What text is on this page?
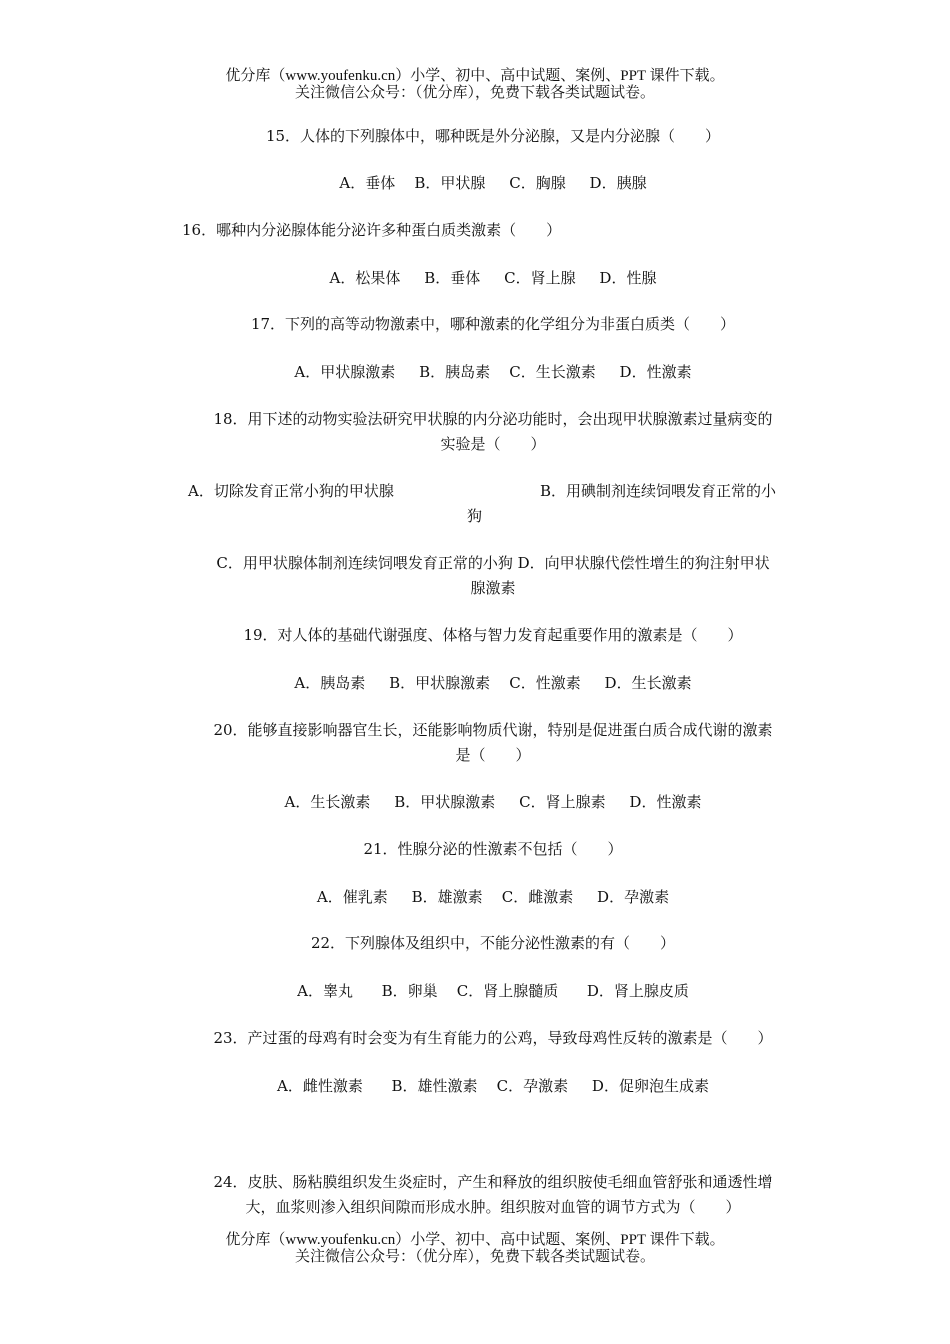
优分库（www.youfenku.cn）小学、初中、高中试题、案例、PPT 课件下载。
关注微信公众号：（优分库），免费下载各类试题试卷。
15．人体的下列腺体中，哪种既是外分泌腺，又是内分泌腺（　　）
A．垂体 B．甲状腺 C．胸腺 D．胰腺
16．哪种内分泌腺体能分泌许多种蛋白质类激素（　　）
A．松果体 B．垂体 C．肾上腺 D．性腺
17．下列的高等动物激素中，哪种激素的化学组分为非蛋白质类（　　）
A．甲状腺激素 B．胰岛素 C．生长激素 D．性激素
18．用下述的动物实验法研究甲状腺的内分泌功能时，会出现甲状腺激素过量病变的
实验是（　　）
A．切除发育正常小狗的甲状腺	B．用碘制剂连续饲喂发育正常的小
狗
C．用甲状腺体制剂连续饲喂发育正常的小狗 D．向甲状腺代偿性增生的狗注射甲状
腺激素
19．对人体的基础代谢强度、体格与智力发育起重要作用的激素是（　　）
A．胰岛素 B．甲状腺激素 C．性激素 D．生长激素
20．能够直接影响器官生长，还能影响物质代谢，特别是促进蛋白质合成代谢的激素
是（　　）
A．生长激素 B．甲状腺激素 C．肾上腺素 D．性激素
21．性腺分泌的性激素不包括（　　）
A．催乳素 B．雄激素 C．雌激素 D．孕激素
22．下列腺体及组织中，不能分泌性激素的有（　　）
A．睾丸 B．卵巢 C．肾上腺髓质 D．肾上腺皮质
23．产过蛋的母鸡有时会变为有生育能力的公鸡，导致母鸡性反转的激素是（　　）
A．雌性激素 B．雄性激素 C．孕激素 D．促卵泡生成素
24．皮肤、肠粘膜组织发生炎症时，产生和释放的组织胺使毛细血管舒张和通透性增
大，血浆则渗入组织间隙而形成水肿。组织胺对血管的调节方式为（　　）
优分库（www.youfenku.cn）小学、初中、高中试题、案例、PPT 课件下载。
关注微信公众号：（优分库），免费下载各类试题试卷。
